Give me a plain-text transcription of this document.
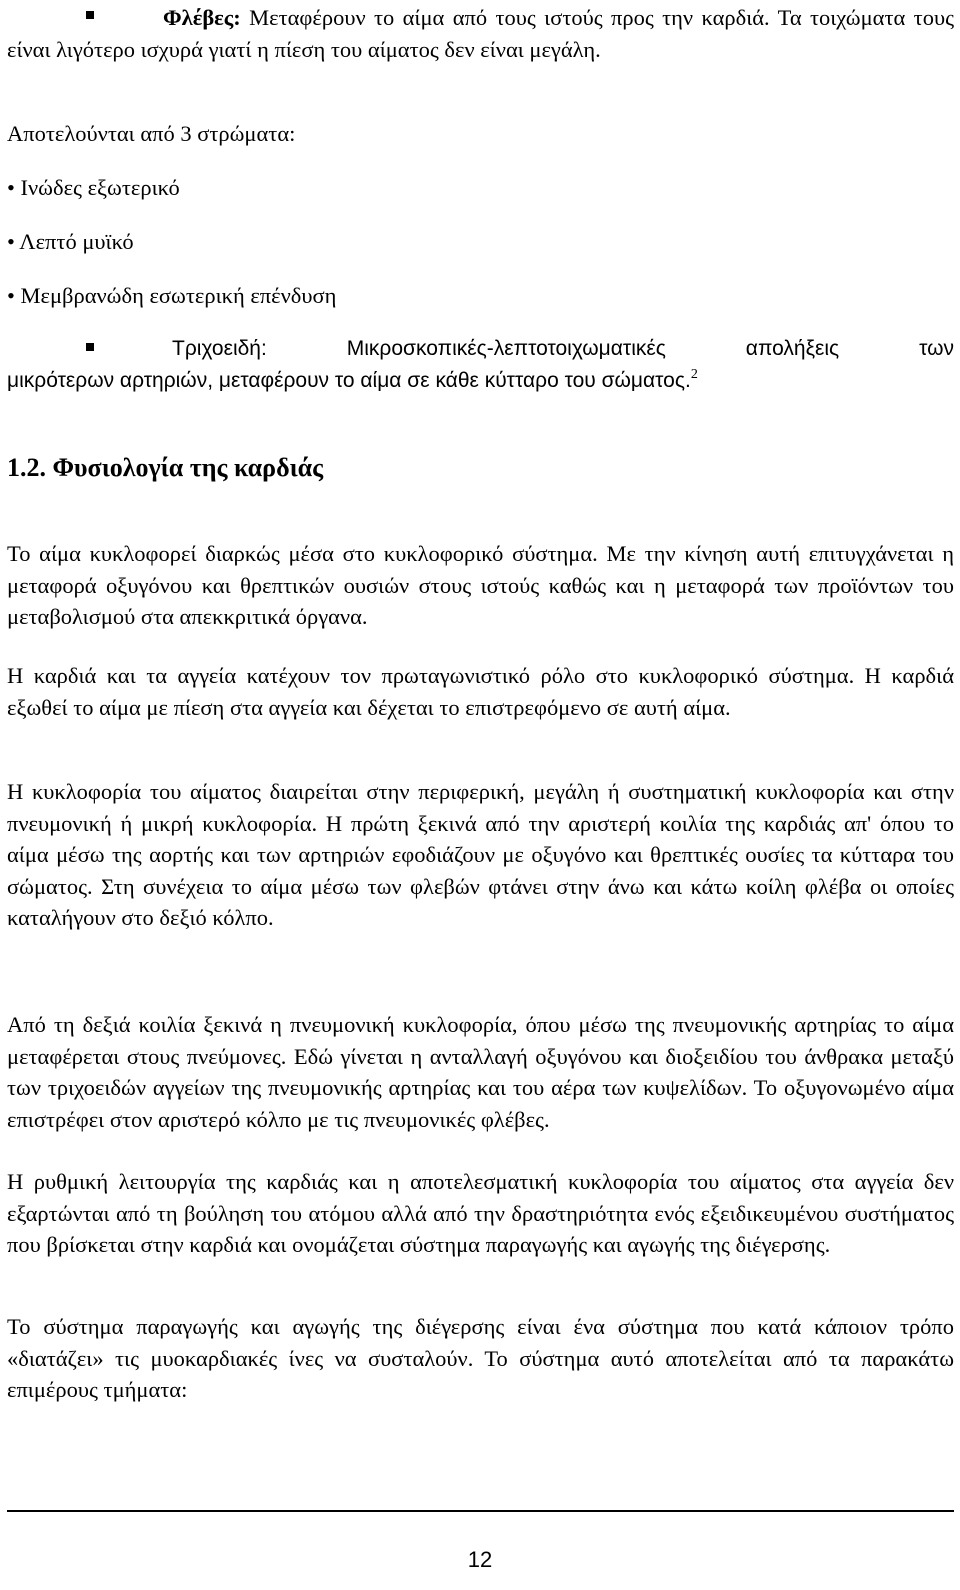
Φλέβες: Μεταφέρουν το αίμα από τους ιστούς προς την καρδιά. Τα τοιχώματα τους είναι λιγότερο ισχυρά γιατί η πίεση του αίματος δεν είναι μεγάλη.

Αποτελούνται από 3 στρώματα:

• Ινώδες εξωτερικό

• Λεπτό μυϊκό

• Μεμβρανώδη εσωτερική επένδυση

Τριχοειδή:   Μικροσκοπικές-λεπτοτοιχωματικές   απολήξεις   των
μικρότερων αρτηριών, μεταφέρουν το αίμα σε κάθε κύτταρο του σώματος.$^2$
1.2. Φυσιολογία της καρδιάς

Το αίμα κυκλοφορεί διαρκώς μέσα στο κυκλοφορικό σύστημα. Με την κίνηση αυτή επιτυγχάνεται η μεταφορά οξυγόνου και θρεπτικών ουσιών στους ιστούς καθώς και η μεταφορά των προϊόντων του μεταβολισμού στα απεκκριτικά όργανα.

Η καρδιά και τα αγγεία κατέχουν τον πρωταγωνιστικό ρόλο στο κυκλοφορικό σύστημα. Η καρδιά εξωθεί το αίμα με πίεση στα αγγεία και δέχεται το επιστρεφόμενο σε αυτή αίμα.

Η κυκλοφορία του αίματος διαιρείται στην περιφερική, μεγάλη ή συστηματική κυκλοφορία και στην πνευμονική ή μικρή κυκλοφορία. Η πρώτη ξεκινά από την αριστερή κοιλία της καρδιάς απ' όπου το αίμα μέσω της αορτής και των αρτηριών εφοδιάζουν με οξυγόνο και θρεπτικές ουσίες τα κύτταρα του σώματος. Στη συνέχεια το αίμα μέσω των φλεβών φτάνει στην άνω και κάτω κοίλη φλέβα οι οποίες καταλήγουν στο δεξιό κόλπο.

Από τη δεξιά κοιλία ξεκινά η πνευμονική κυκλοφορία, όπου μέσω της πνευμονικής αρτηρίας το αίμα μεταφέρεται στους πνεύμονες. Εδώ γίνεται η ανταλλαγή οξυγόνου και διοξειδίου του άνθρακα μεταξύ των τριχοειδών αγγείων της πνευμονικής αρτηρίας και του αέρα των κυψελίδων. Το οξυγονωμένο αίμα επιστρέφει στον αριστερό κόλπο με τις πνευμονικές φλέβες.

Η ρυθμική λειτουργία της καρδιάς και η αποτελεσματική κυκλοφορία του αίματος στα αγγεία δεν εξαρτώνται από τη βούληση του ατόμου αλλά από την δραστηριότητα ενός εξειδικευμένου συστήματος που βρίσκεται στην καρδιά και ονομάζεται σύστημα παραγωγής και αγωγής της διέγερσης.

Το σύστημα παραγωγής και αγωγής της διέγερσης είναι ένα σύστημα που κατά κάποιον τρόπο «διατάζει» τις μυοκαρδιακές ίνες να συσταλούν. Το σύστημα αυτό αποτελείται από τα παρακάτω επιμέρους τμήματα:

12
